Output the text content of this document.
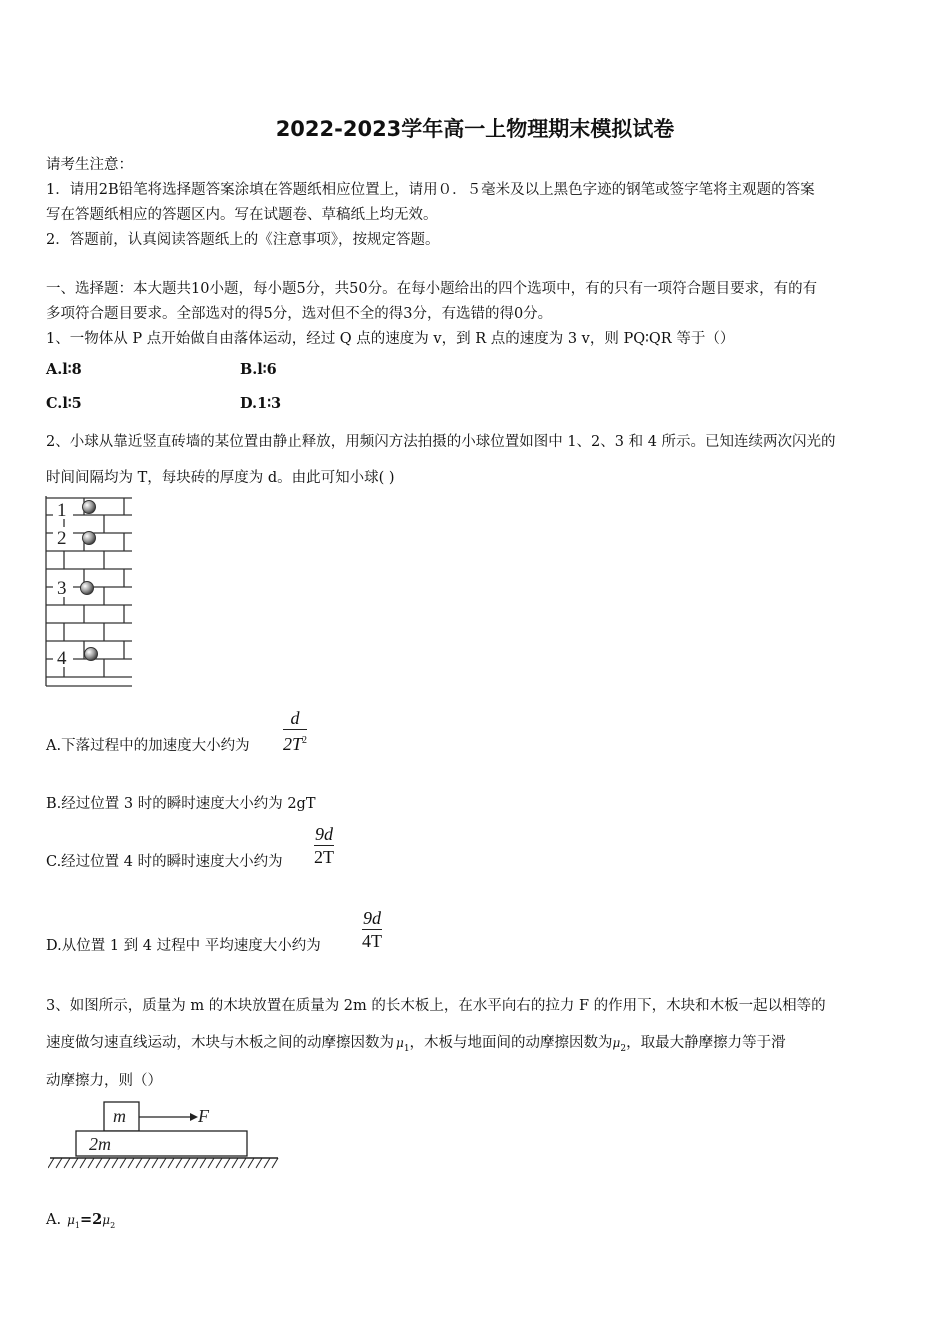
2022-2023学年高一上物理期末模拟试卷
请考生注意：
1．请用2B铅笔将选择题答案涂填在答题纸相应位置上，请用０．５毫米及以上黑色字迹的钢笔或签字笔将主观题的答案
写在答题纸相应的答题区内。写在试题卷、草稿纸上均无效。
2．答题前，认真阅读答题纸上的《注意事项》，按规定答题。
一、选择题：本大题共10小题，每小题5分，共50分。在每小题给出的四个选项中，有的只有一项符合题目要求，有的有
多项符合题目要求。全部选对的得5分，选对但不全的得3分，有选错的得0分。
1、一物体从 P 点开始做自由落体运动，经过 Q 点的速度为 v，到 R 点的速度为 3 v，则 PQ∶QR 等于（）
A.l∶8	B.l∶6
C.l∶5	D.1∶3
2、小球从靠近竖直砖墙的某位置由静止释放，用频闪方法拍摄的小球位置如图中 1、2、3 和 4 所示。已知连续两次闪光的
时间间隔均为 T，每块砖的厚度为 d。由此可知小球( )
1
2
3
4
A.下落过程中的加速度大小约为
d
$2T^2$
B.经过位置 3 时的瞬时速度大小约为 2gT
C.经过位置 4 时的瞬时速度大小约为
9d
2T
D.从位置 1 到 4 过程中 平均速度大小约为
9d
4T
3、如图所示，质量为 m 的木块放置在质量为 2m 的长木板上，在水平向右的拉力 F 的作用下，木块和木板一起以相等的
速度做匀速直线运动，木块与木板之间的动摩擦因数为 $\mu_1$，木板与地面间的动摩擦因数为$\mu_2$，取最大静摩擦力等于滑
动摩擦力，则（）
m
2m
F
A. $\mu_1=2\mu_2$
